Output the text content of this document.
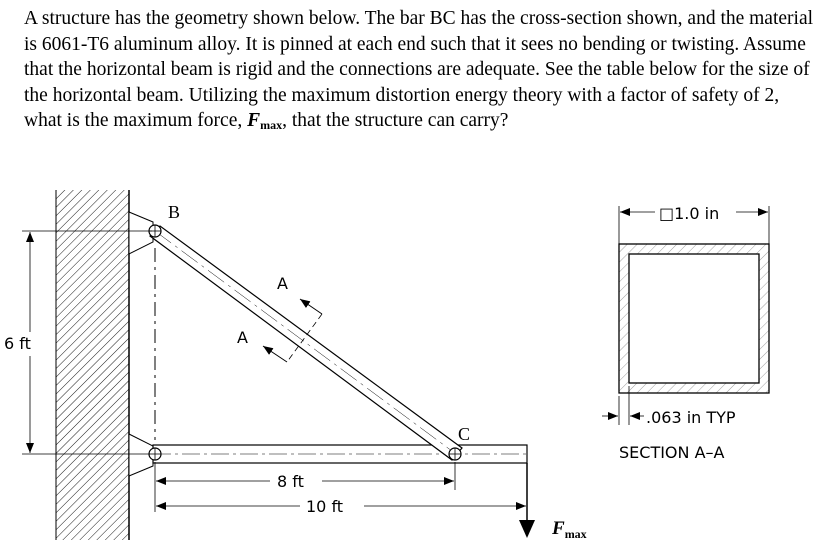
A structure has the geometry shown below. The bar BC has the cross-section shown, and the material is 6061-T6 aluminum alloy. It is pinned at each end such that it sees no bending or twisting. Assume that the horizontal beam is rigid and the connections are adequate. See the table below for the size of the horizontal beam. Utilizing the maximum distortion energy theory with a factor of safety of 2, what is the maximum force, $F_{max}$, that the structure can carry?

B
C
A
A
6 ft
8 ft
10 ft
$F_{max}$
□1.0 in
.063 in TYP
SECTION A–A
